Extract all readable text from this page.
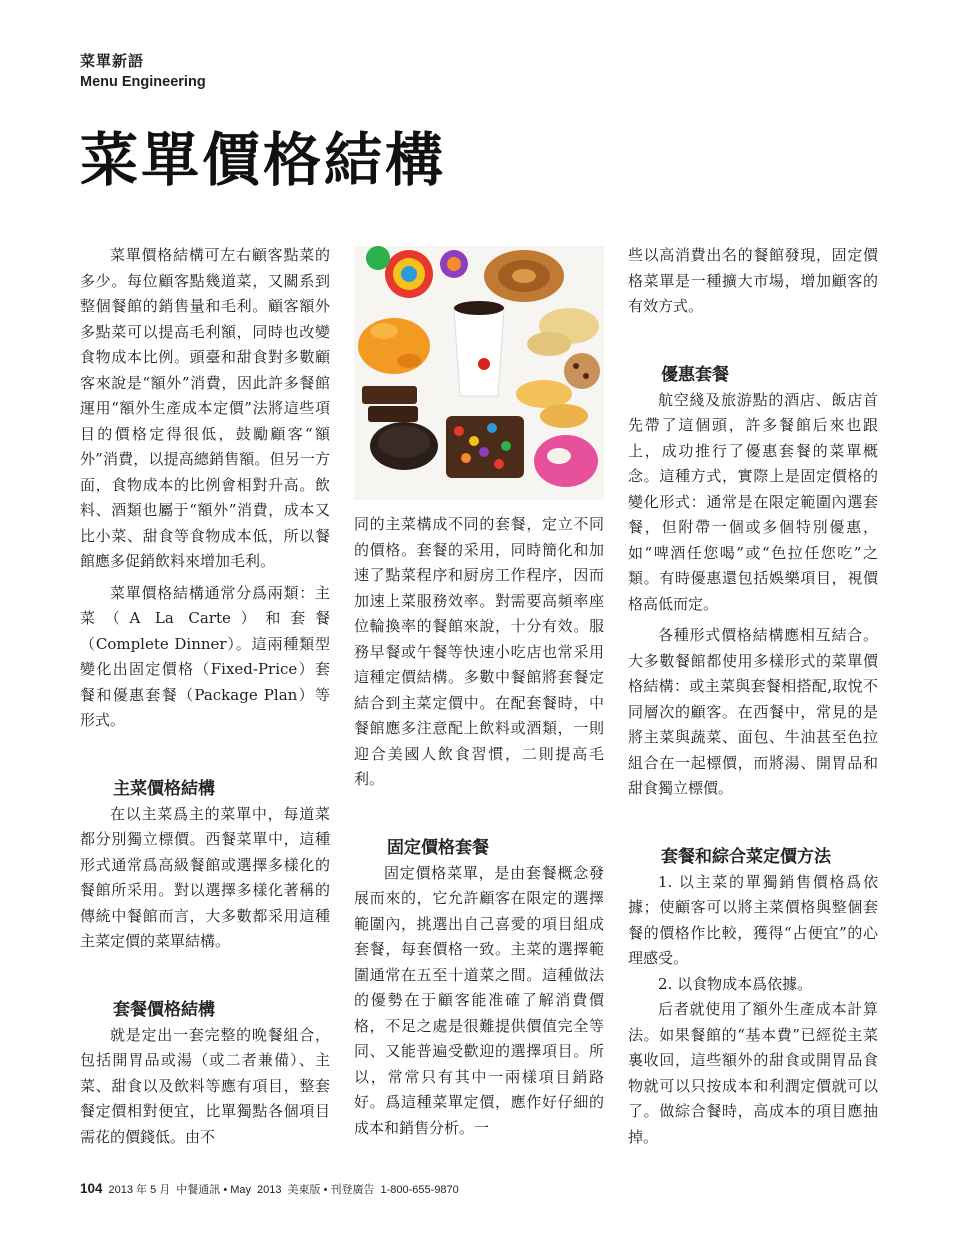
菜單新語
Menu Engineering
菜單價格結構

菜單價格結構可左右顧客點菜的多少。每位顧客點幾道菜，又關系到整個餐館的銷售量和毛利。顧客額外多點菜可以提高毛利額，同時也改變食物成本比例。頭臺和甜食對多數顧客來說是“額外”消費，因此許多餐館運用“額外生產成本定價”法將這些項目的價格定得很低，鼓勵顧客“額外”消費，以提高總銷售額。但另一方面，食物成本的比例會相對升高。飲料、酒類也屬于“額外”消費，成本又比小菜、甜食等食物成本低，所以餐館應多促銷飲料來增加毛利。

菜單價格結構通常分爲兩類：主菜（A La Carte）和套餐（Complete Dinner）。這兩種類型變化出固定價格（Fixed-Price）套餐和優惠套餐（Package Plan）等形式。

主菜價格結構

在以主菜爲主的菜單中，每道菜都分別獨立標價。西餐菜單中，這種形式通常爲高級餐館或選擇多樣化的餐館所采用。對以選擇多樣化著稱的傳統中餐館而言，大多數都采用這種主菜定價的菜單結構。

套餐價格結構

就是定出一套完整的晚餐組合，包括開胃品或湯（或二者兼備）、主菜、甜食以及飲料等應有項目，整套餐定價相對便宜，比單獨點各個項目需花的價錢低。由不

同的主菜構成不同的套餐，定立不同的價格。套餐的采用，同時簡化和加速了點菜程序和厨房工作程序，因而加速上菜服務效率。對需要高頻率座位輪換率的餐館來說，十分有效。服務早餐或午餐等快速小吃店也常采用這種定價結構。多數中餐館將套餐定結合到主菜定價中。在配套餐時，中餐館應多注意配上飲料或酒類，一則迎合美國人飲食習慣，二則提高毛利。

固定價格套餐

固定價格菜單，是由套餐概念發展而來的，它允許顧客在限定的選擇範圍內，挑選出自己喜愛的項目組成套餐，每套價格一致。主菜的選擇範圍通常在五至十道菜之間。這種做法的優勢在于顧客能准確了解消費價格，不足之處是很難提供價值完全等同、又能普遍受歡迎的選擇項目。所以，常常只有其中一兩樣項目銷路好。爲這種菜單定價，應作好仔細的成本和銷售分析。一

些以高消費出名的餐館發現，固定價格菜單是一種擴大市場，增加顧客的有效方式。

優惠套餐

航空綫及旅游點的酒店、飯店首先帶了這個頭，許多餐館后來也跟上，成功推行了優惠套餐的菜單概念。這種方式，實際上是固定價格的變化形式：通常是在限定範圍內選套餐，但附帶一個或多個特別優惠，如“啤酒任您喝”或“色拉任您吃”之類。有時優惠還包括娛樂項目，視價格高低而定。

各種形式價格結構應相互結合。大多數餐館都使用多樣形式的菜單價格結構：或主菜與套餐相搭配,取悅不同層次的顧客。在西餐中，常見的是將主菜與蔬菜、面包、牛油甚至色拉組合在一起標價，而將湯、開胃品和甜食獨立標價。

套餐和綜合菜定價方法

1. 以主菜的單獨銷售價格爲依據；使顧客可以將主菜價格與整個套餐的價格作比較，獲得“占便宜”的心理感受。

2. 以食物成本爲依據。

后者就使用了額外生產成本計算法。如果餐館的“基本費”已經從主菜裏收回，這些額外的甜食或開胃品食物就可以只按成本和利潤定價就可以了。做綜合餐時，高成本的項目應抽掉。

104 2013 年 5 月 中餐通訊 • May 2013 美東版 • 刊登廣告 1-800-655-9870
